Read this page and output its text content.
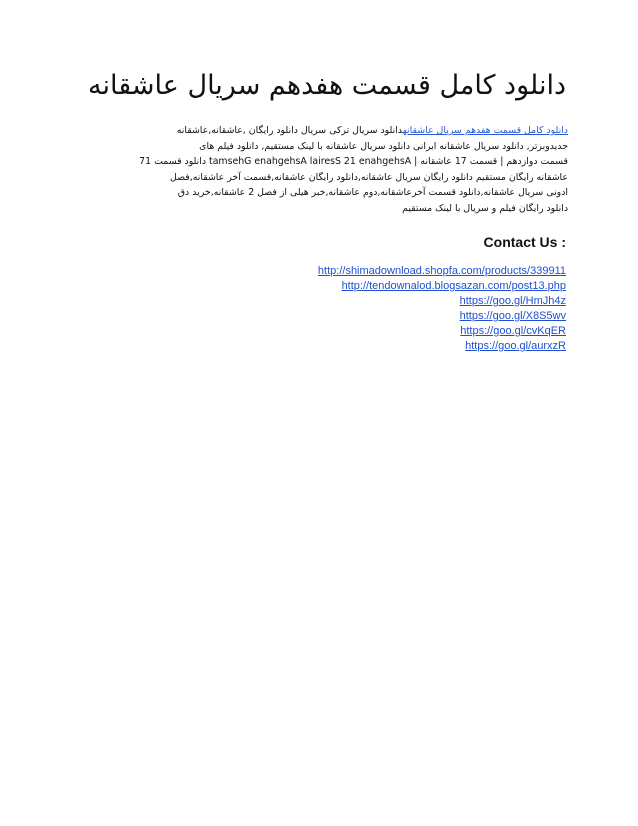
دانلود کامل قسمت هفدهم سریال عاشقانه
دانلود کامل قسمت هفدهم سریال عاشقانهدانلود سریال ترکی سریال دانلود رایگان ,عاشقانه,عاشقانه
جدیدوبرتر, دانلود سریال عاشقانه ایرانی دانلود سریال عاشقانه با لینک مستقیم, دانلود فیلم های
قسمت دوازدهم | قسمت 17 عاشقانه | tamsehG enahgehsA lairesS 21 enahgehsA دانلود قسمت 71
عاشقانه رایگان مستقیم دانلود رایگان سریال عاشقانه,دانلود رایگان عاشقانه,قسمت آخر عاشقانه,فصل
ادونی سریال عاشقانه,دانلود قسمت آخرعاشقانه,دوم عاشقانه,خبر هیلی از فصل 2 عاشقانه,خرید دق
دانلود رایگان فیلم و سریال با لینک مستقیم
Contact Us :
http://shimadownload.shopfa.com/products/339911
http://tendownalod.blogsazan.com/post13.php
https://goo.gl/HmJh4z
https://goo.gl/X8S5wv
https://goo.gl/cvKqER
https://goo.gl/aurxzR
